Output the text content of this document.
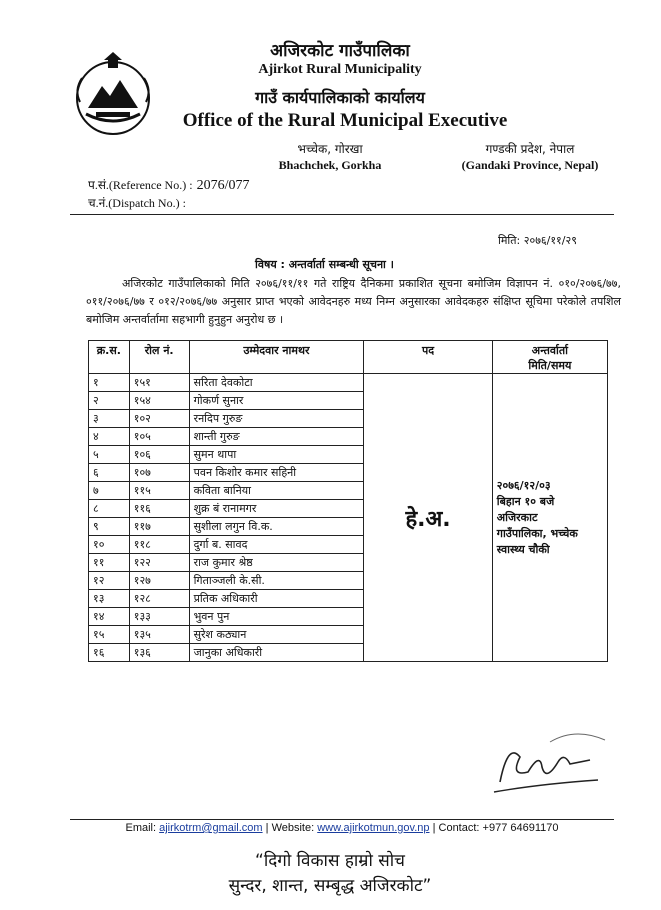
अजिरकोट गाउँपालिका
Ajirkot Rural Municipality
गाउँ कार्यपालिकाको कार्यालय
Office of the Rural Municipal Executive
भच्चेक, गोरखा
Bhachchek, Gorkha
गण्डकी प्रदेश, नेपाल
(Gandaki Province, Nepal)
प.सं.(Reference No.) : 2076/077
च.नं.(Dispatch No.) :
मिति: २०७६/११/२९
विषय : अन्तर्वार्ता सम्बन्धी सूचना ।
अजिरकोट गाउँपालिकाको मिति २०७६/११/११ गते राष्ट्रिय दैनिकमा प्रकाशित सूचना बमोजिम विज्ञापन नं. ०१०/२०७६/७७, ०११/२०७६/७७ र ०१२/२०७६/७७ अनुसार प्राप्त भएको आवेदनहरु मध्य निम्न अनुसारका आवेदकहरु संक्षिप्त सूचिमा परेकोले तपशिल बमोजिम अन्तर्वार्तामा सहभागी हुनुहुन अनुरोध छ ।
क्र.स.	रोल नं.	उम्मेदवार नामथर	पद	अन्तर्वार्ता
मिति/समय
१	१५१	सरिता देवकोटा	हे.अ.	२०७६/१२/०३
बिहान १० बजे
अजिरकाट
गाउँपालिका, भच्चेक
स्वास्थ्य चौकी

२	१५४	गोकर्ण सुनार		
३	१०२	रनदिप गुरुङ		
४	१०५	शान्ती गुरुङ		
५	१०६	सुमन थापा		
६	१०७	पवन किशोर कमार सहिनी		
७	११५	कविता बानिया		
८	११६	शुक्र बं रानामगर		
९	११७	सुशीला लगुन वि.क.		
१०	११८	दुर्गा ब. सावद		
११	१२२	राज कुमार श्रेष्ठ		
१२	१२७	गिताञ्जली के.सी.		
१३	१२८	प्रतिक अधिकारी		
१४	१३३	भुवन पुन		
१५	१३५	सुरेश कठ्यान		
१६	१३६	जानुका अधिकारी		
Email: ajirkotrm@gmail.com | Website: www.ajirkotmun.gov.np | Contact: +977 64691170
“दिगो विकास हाम्रो सोच
सुन्दर, शान्त, सम्बृद्ध अजिरकोट”
